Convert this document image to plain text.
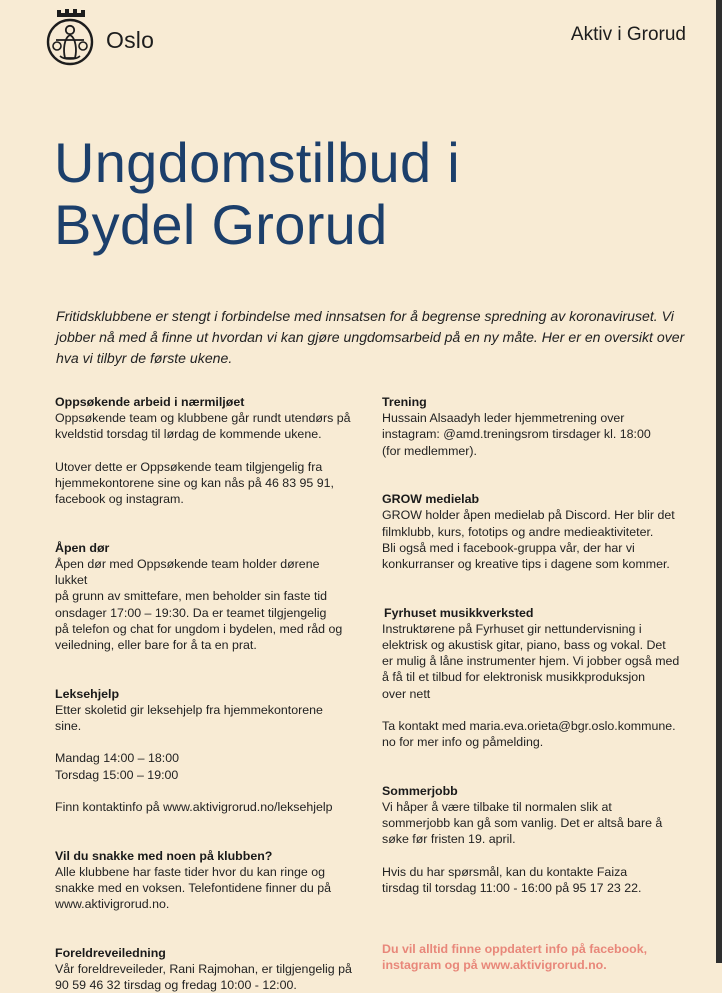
Oslo	Aktiv i Grorud
Ungdomstilbud i
Bydel Grorud

Fritidsklubbene er stengt i forbindelse med innsatsen for å begrense spredning av koronaviruset. Vi jobber nå med å finne ut hvordan vi kan gjøre ungdomsarbeid på en ny måte. Her er en oversikt over hva vi tilbyr de første ukene.

Oppsøkende arbeid i nærmiljøet

Oppsøkende team og klubbene går rundt utendørs på
kveldstid torsdag til lørdag de kommende ukene.

Utover dette er Oppsøkende team tilgjengelig fra
hjemmekontorene sine og kan nås på 46 83 95 91,
facebook og instagram.

Åpen dør

Åpen dør med Oppsøkende team holder dørene lukket
på grunn av smittefare, men beholder sin faste tid
onsdager 17:00 – 19:30. Da er teamet tilgjengelig
på telefon og chat for ungdom i bydelen, med råd og
veiledning, eller bare for å ta en prat.

Leksehjelp

Etter skoletid gir leksehjelp fra hjemmekontorene
sine.

Mandag 14:00 – 18:00
Torsdag 15:00 – 19:00

Finn kontaktinfo på www.aktivigrorud.no/leksehjelp

Vil du snakke med noen på klubben?

Alle klubbene har faste tider hvor du kan ringe og
snakke med en voksen. Telefontidene finner du på
www.aktivigrorud.no.

Foreldreveiledning

Vår foreldreveileder, Rani Rajmohan, er tilgjengelig på
90 59 46 32 tirsdag og fredag 10:00 - 12:00.

Trening

Hussain Alsaadyh leder hjemmetrening over
instagram: @amd.treningsrom tirsdager kl. 18:00
(for medlemmer).

GROW medielab

GROW holder åpen medielab på Discord. Her blir det
filmklubb, kurs, fototips og andre medieaktiviteter.
Bli også med i facebook-gruppa vår, der har vi
konkurranser og kreative tips i dagene som kommer.

Fyrhuset musikkverksted

Instruktørene på Fyrhuset gir nettundervisning i
elektrisk og akustisk gitar, piano, bass og vokal. Det
er mulig å låne instrumenter hjem. Vi jobber også med
å få til et tilbud for elektronisk musikkproduksjon
over nett

Ta kontakt med maria.eva.orieta@bgr.oslo.kommune.
no for mer info og påmelding.

Sommerjobb

Vi håper å være tilbake til normalen slik at
sommerjobb kan gå som vanlig. Det er altså bare å
søke før fristen 19. april.

Hvis du har spørsmål, kan du kontakte Faiza
tirsdag til torsdag 11:00 - 16:00 på 95 17 23 22.

Du vil alltid finne oppdatert info på facebook,
instagram og på www.aktivigrorud.no.
